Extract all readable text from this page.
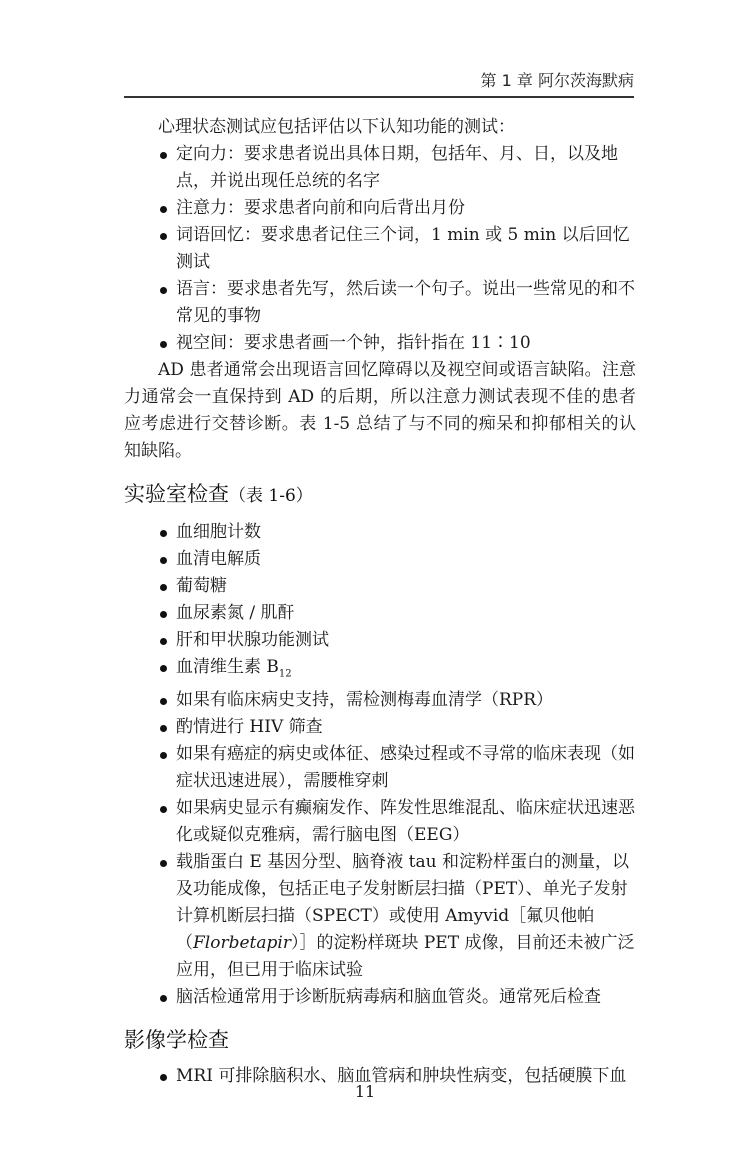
第 1 章 阿尔茨海默病

心理状态测试应包括评估以下认知功能的测试：

定向力：要求患者说出具体日期，包括年、月、日，以及地点，并说出现任总统的名字
注意力：要求患者向前和向后背出月份
词语回忆：要求患者记住三个词，1 min 或 5 min 以后回忆测试
语言：要求患者先写，然后读一个句子。说出一些常见的和不常见的事物
视空间：要求患者画一个钟，指针指在 11∶10

AD 患者通常会出现语言回忆障碍以及视空间或语言缺陷。注意力通常会一直保持到 AD 的后期，所以注意力测试表现不佳的患者应考虑进行交替诊断。表 1-5 总结了与不同的痴呆和抑郁相关的认知缺陷。

实验室检查（表 1-6）
血细胞计数
血清电解质
葡萄糖
血尿素氮 / 肌酐
肝和甲状腺功能测试
血清维生素 $B_{12}$
如果有临床病史支持，需检测梅毒血清学（RPR）
酌情进行 HIV 筛查
如果有癌症的病史或体征、感染过程或不寻常的临床表现（如症状迅速进展），需腰椎穿刺
如果病史显示有癫痫发作、阵发性思维混乱、临床症状迅速恶化或疑似克雅病，需行脑电图（EEG）
载脂蛋白 E 基因分型、脑脊液 tau 和淀粉样蛋白的测量，以及功能成像，包括正电子发射断层扫描（PET）、单光子发射计算机断层扫描（SPECT）或使用 Amyvid［氟贝他帕（Florbetapir）］的淀粉样斑块 PET 成像，目前还未被广泛应用，但已用于临床试验
脑活检通常用于诊断朊病毒病和脑血管炎。通常死后检查
影像学检查
MRI 可排除脑积水、脑血管病和肿块性病变，包括硬膜下血
11
